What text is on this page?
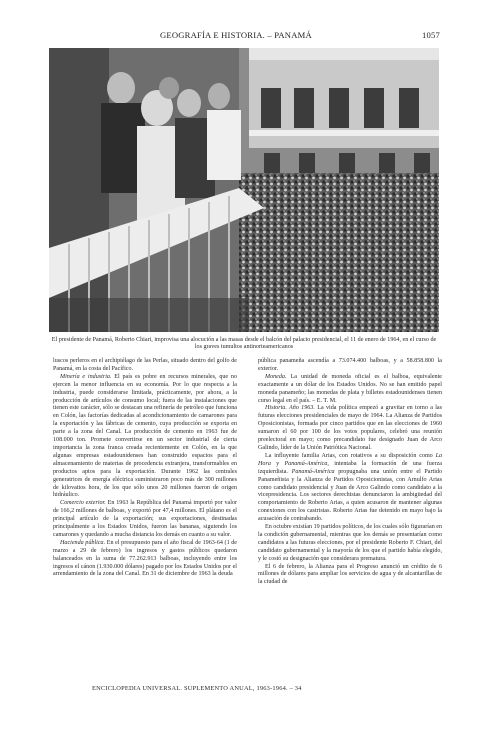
GEOGRAFÍA E HISTORIA. – PANAMÁ	1057
El presidente de Panamá, Roberto Chiari, improvisa una alocución a las masas desde el balcón del palacio presidencial, el 11 de enero de 1964, en el curso de los graves tumultos antinorteamericanos

luscos perleros en el archipiélago de las Perlas, situado dentro del golfo de Panamá, en la costa del Pacífico.

Minería e industria. El país es pobre en recursos minerales, que no ejercen la menor influencia en su economía. Por lo que respecta a la industria, puede considerarse limitada, prácticamente, por ahora, a la producción de artículos de consumo local; fuera de las instalaciones que tienen este carácter, sólo se destacan una refinería de petróleo que funciona en Colón, las factorías dedicadas al acondicionamiento de camarones para la exportación y las fábricas de cemento, cuya producción se exporta en parte a la zona del Canal. La producción de cemento en 1963 fue de 108.000 ton. Promete convertirse en un sector industrial de cierta importancia la zona franca creada recientemente en Colón, en la que algunas empresas estadounidenses han construido espacios para el almacenamiento de materias de procedencia extranjera, transformables en productos aptos para la exportación. Durante 1962 las centrales generatrices de energía eléctrica suministraron poco más de 300 millones de kilovatios hora, de los que sólo unos 20 millones fueron de origen hidráulico.

Comercio exterior. En 1963 la República del Panamá importó por valor de 166,2 millones de balboas, y exportó por 47,4 millones. El plátano es el principal artículo de la exportación; sus exportaciones, destinadas principalmente a los Estados Unidos, fueron las bananas, siguiendo los camarones y quedando a mucha distancia los demás en cuanto a su valor.

Hacienda pública. En el presupuesto para el año fiscal de 1963-64 (1 de marzo a 29 de febrero) los ingresos y gastos públicos quedaron balanceados en la suma de 77.262.913 balboas, incluyendo entre los ingresos el cánon (1.930.000 dólares) pagado por los Estados Unidos por el arrendamiento de la zona del Canal. En 31 de diciembre de 1963 la deuda

pública panameña ascendía a 73.074.400 balboas, y a 58.858.800 la exterior.

Moneda. La unidad de moneda oficial es el balboa, equivalente exactamente a un dólar de los Estados Unidos. No se han emitido papel moneda panameño; las monedas de plata y billetes estadounidenses tienen curso legal en el país. – E. T. M.

Historia. Año 1963. La vida política empezó a gravitar en torno a las futuras elecciones presidenciales de mayo de 1964. La Alianza de Partidos Oposicionistas, formada por cinco partidos que en las elecciones de 1960 sumaron el 60 por 100 de los votos populares, celebró una reunión preelectoral en mayo; como precandidato fue designado Juan de Arco Galindo, líder de la Unión Patriótica Nacional.

La influyente familia Arias, con rotativos a su disposición como La Hora y Panamá-América, intentaba la formación de una fuerza izquierdista. Panamá-América propugnaba una unión entre el Partido Panameñista y la Alianza de Partidos Oposicionistas, con Arnulfo Arias como candidato presidencial y Juan de Arco Galindo como candidato a la vicepresidencia. Los sectores derechistas denunciaron la ambigüedad del comportamiento de Roberto Arias, a quien acusaron de mantener algunas conexiones con los castristas. Roberto Arias fue detenido en mayo bajo la acusación de contrabando.

En octubre existían 19 partidos políticos, de los cuales sólo figurarían en la condición gubernamental, mientras que los demás se presentarían como candidatos a las futuras elecciones, por el presidente Roberto F. Chiari, del candidato gubernamental y la mayoría de los que el partido había elegido, y le costó su designación que considerara prematura.

El 6 de febrero, la Alianza para el Progreso anunció un crédito de 6 millones de dólares para ampliar los servicios de agua y de alcantarillas de la ciudad de

ENCICLOPEDIA UNIVERSAL. SUPLEMENTO ANUAL, 1963-1964. – 34
